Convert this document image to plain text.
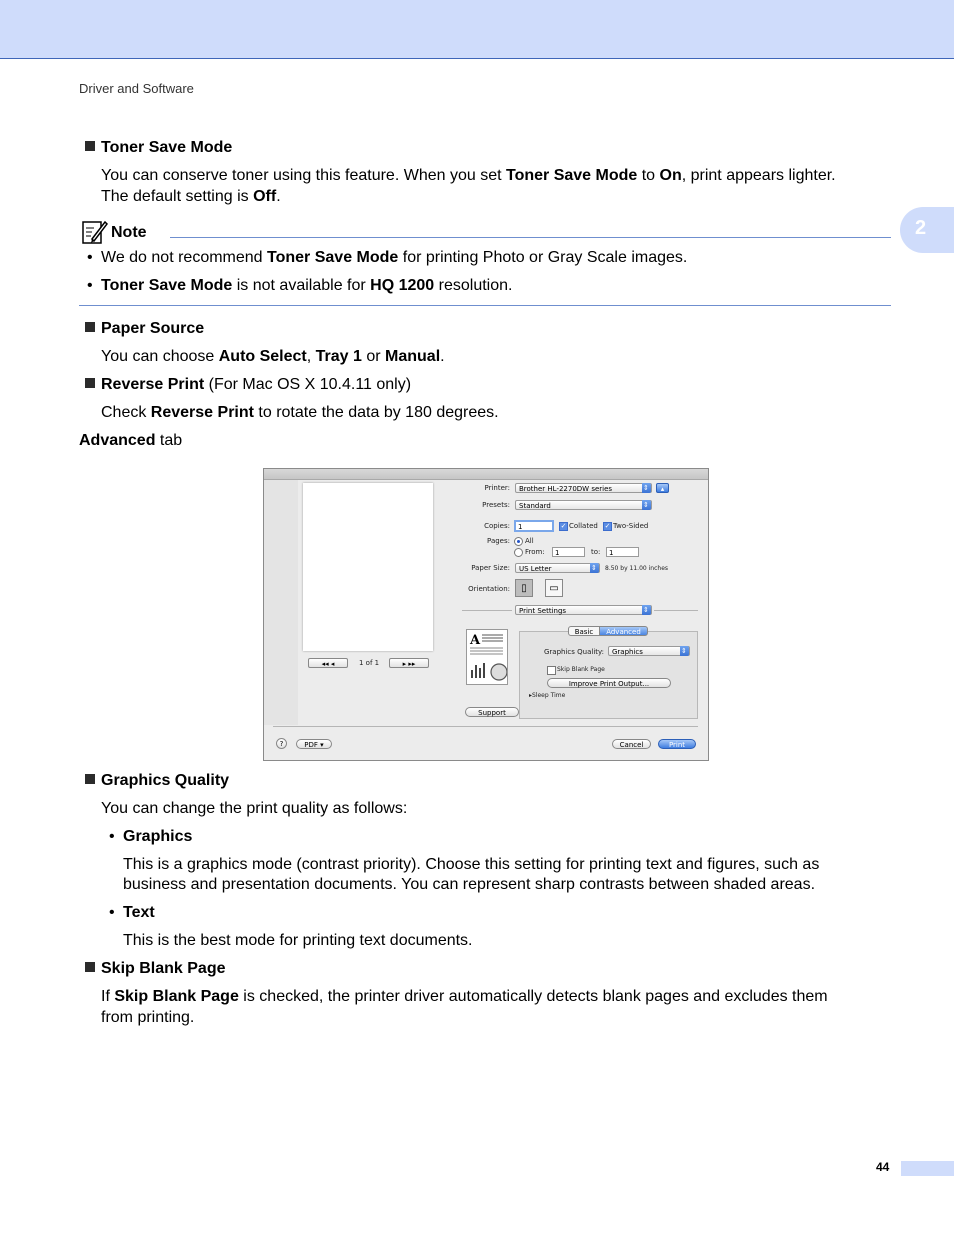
Driver and Software
2
Toner Save Mode

You can conserve toner using this feature. When you set Toner Save Mode to On, print appears lighter.

The default setting is Off.

Note
• We do not recommend Toner Save Mode for printing Photo or Gray Scale images.

• Toner Save Mode is not available for HQ 1200 resolution.

Paper Source

You can choose Auto Select, Tray 1 or Manual.

Reverse Print (For Mac OS X 10.4.11 only)

Check Reverse Print to rotate the data by 180 degrees.

Advanced tab

◂◂ ◂	1 of 1	▸ ▸▸
Printer:	Brother HL-2270DW series ⇕	▴
Presets:	Standard
⇕
Copies:	1	✓ Collated ✓ Two-Sided
Pages: All
From:	1	to:	1
Paper Size:	US Letter ⇕	8.50 by 11.00 inches
Orientation:	▯	▭
Print Settings
⇕
Basic	Advanced
A
Graphics Quality:	Graphics
⇕
Skip Blank Page
Improve Print Output...
▸Sleep Time
Support
?	PDF ▾	Cancel	Print
Graphics Quality

You can change the print quality as follows:

• Graphics

This is a graphics mode (contrast priority). Choose this setting for printing text and figures, such as

business and presentation documents. You can represent sharp contrasts between shaded areas.

• Text

This is the best mode for printing text documents.

Skip Blank Page

If Skip Blank Page is checked, the printer driver automatically detects blank pages and excludes them

from printing.

44
